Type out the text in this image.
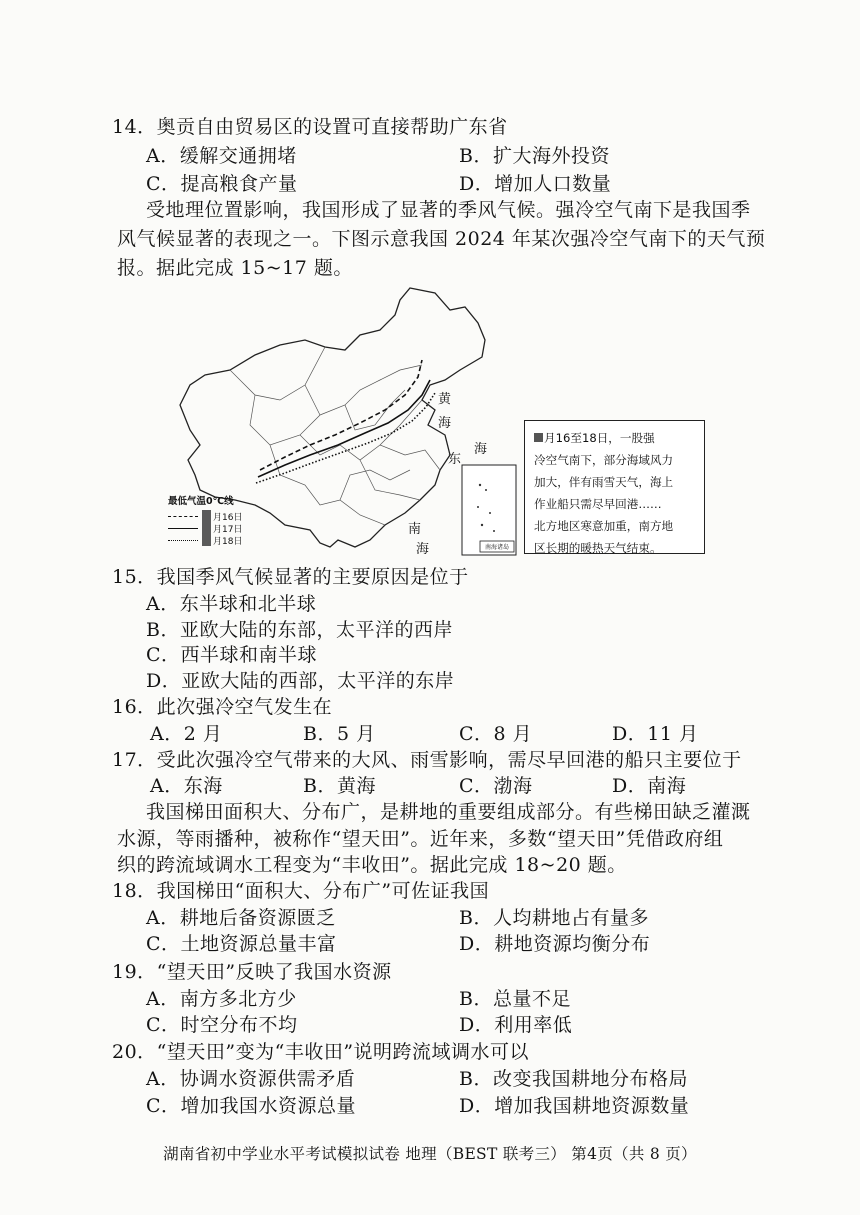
14．奥贡自由贸易区的设置可直接帮助广东省
A．缓解交通拥堵	B．扩大海外投资
C．提高粮食产量	D．增加人口数量
受地理位置影响，我国形成了显著的季风气候。强冷空气南下是我国季
风气候显著的表现之一。下图示意我国 2024 年某次强冷空气南下的天气预
报。据此完成 15~17 题。
黄
海
东
海
南
海	南海诸岛
最低气温0℃线
月16日
月17日
月18日
月16至18日，一股强
冷空气南下，部分海域风力
加大，伴有雨雪天气，海上
作业船只需尽早回港……
北方地区寒意加重，南方地
区长期的暖热天气结束。
15．我国季风气候显著的主要原因是位于
A．东半球和北半球
B．亚欧大陆的东部，太平洋的西岸
C．西半球和南半球
D．亚欧大陆的西部，太平洋的东岸
16．此次强冷空气发生在
A．2 月	B．5 月	C．8 月	D．11 月
17．受此次强冷空气带来的大风、雨雪影响，需尽早回港的船只主要位于
A．东海	B．黄海	C．渤海	D．南海
我国梯田面积大、分布广，是耕地的重要组成部分。有些梯田缺乏灌溉
水源，等雨播种，被称作“望天田”。近年来，多数“望天田”凭借政府组
织的跨流域调水工程变为“丰收田”。据此完成 18~20 题。
18．我国梯田“面积大、分布广”可佐证我国
A．耕地后备资源匮乏	B．人均耕地占有量多
C．土地资源总量丰富	D．耕地资源均衡分布
19．“望天田”反映了我国水资源
A．南方多北方少	B．总量不足
C．时空分布不均	D．利用率低
20．“望天田”变为“丰收田”说明跨流域调水可以
A．协调水资源供需矛盾	B．改变我国耕地分布格局
C．增加我国水资源总量	D．增加我国耕地资源数量
湖南省初中学业水平考试模拟试卷 地理（BEST 联考三） 第4页（共 8 页）
